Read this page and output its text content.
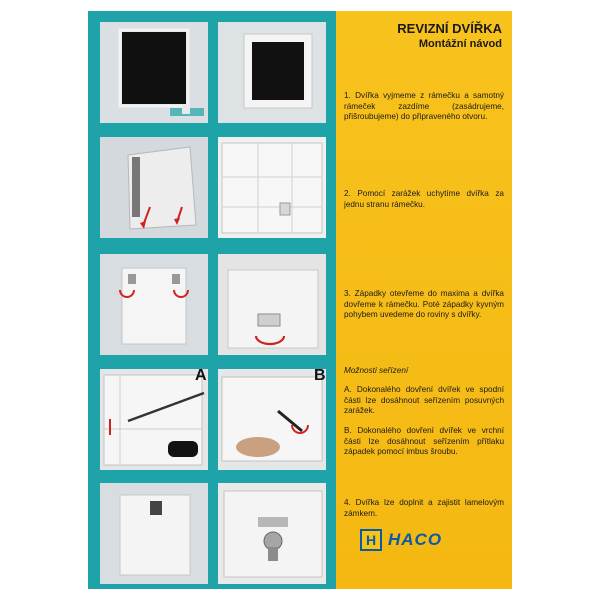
A	B
REVIZNÍ DVÍŘKA
Montážní návod
1. Dvířka vyjmeme z rámečku a samotný rámeček zazdíme (zasádrujeme, přišroubujeme) do připraveného otvoru.
2. Pomocí zarážek uchytíme dvířka za jednu stranu rámečku.
3. Západky otevřeme do maxima a dvířka dovřeme k rámečku. Poté západky kyvným pohybem uvedeme do roviny s dvířky.
Možnosti seřízení
A. Dokonalého dovření dvířek ve spodní části lze dosáhnout seřízením posuvných zarážek.
B. Dokonalého dovření dvířek ve vrchní části lze dosáhnout seřízením přítlaku západek pomocí imbus šroubu.
4. Dvířka lze doplnit a zajistit lamelovým zámkem.
H HACO
